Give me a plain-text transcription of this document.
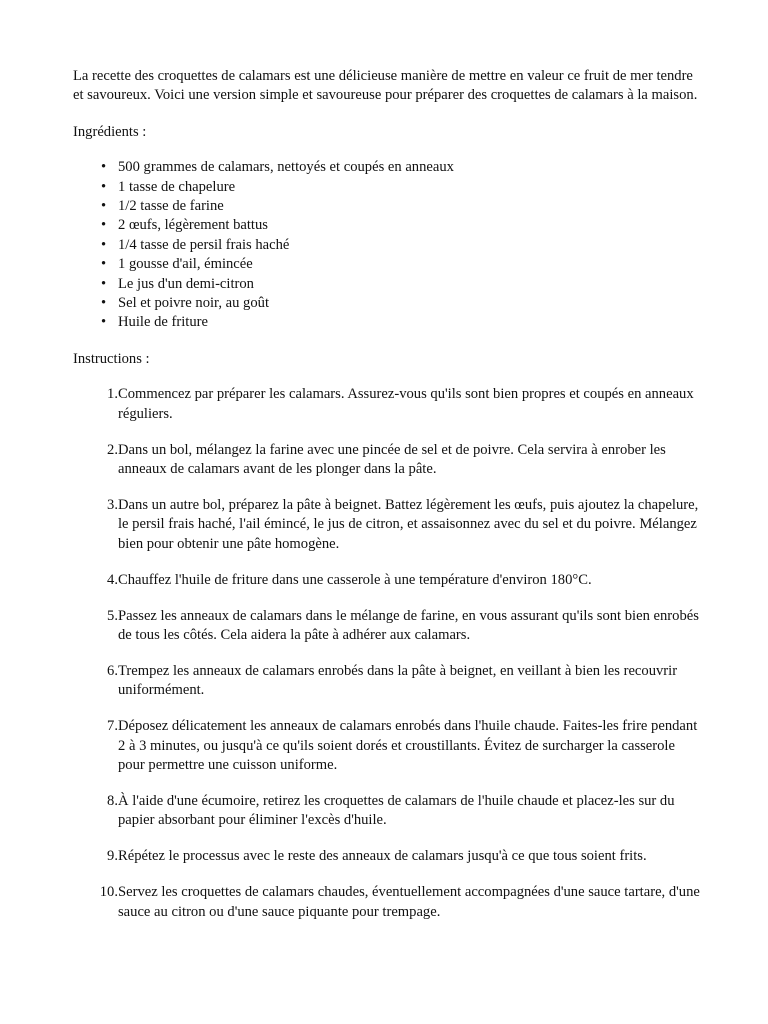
La recette des croquettes de calamars est une délicieuse manière de mettre en valeur ce fruit de mer tendre et savoureux. Voici une version simple et savoureuse pour préparer des croquettes de calamars à la maison.

Ingrédients :

• 500 grammes de calamars, nettoyés et coupés en anneaux
• 1 tasse de chapelure
• 1/2 tasse de farine
• 2 œufs, légèrement battus
• 1/4 tasse de persil frais haché
• 1 gousse d'ail, émincée
• Le jus d'un demi-citron
• Sel et poivre noir, au goût
• Huile de friture

Instructions :

1. Commencez par préparer les calamars. Assurez-vous qu'ils sont bien propres et coupés en anneaux réguliers.
2. Dans un bol, mélangez la farine avec une pincée de sel et de poivre. Cela servira à enrober les anneaux de calamars avant de les plonger dans la pâte.
3. Dans un autre bol, préparez la pâte à beignet. Battez légèrement les œufs, puis ajoutez la chapelure, le persil frais haché, l'ail émincé, le jus de citron, et assaisonnez avec du sel et du poivre. Mélangez bien pour obtenir une pâte homogène.
4. Chauffez l'huile de friture dans une casserole à une température d'environ 180°C.
5. Passez les anneaux de calamars dans le mélange de farine, en vous assurant qu'ils sont bien enrobés de tous les côtés. Cela aidera la pâte à adhérer aux calamars.
6. Trempez les anneaux de calamars enrobés dans la pâte à beignet, en veillant à bien les recouvrir uniformément.
7. Déposez délicatement les anneaux de calamars enrobés dans l'huile chaude. Faites-les frire pendant 2 à 3 minutes, ou jusqu'à ce qu'ils soient dorés et croustillants. Évitez de surcharger la casserole pour permettre une cuisson uniforme.
8. À l'aide d'une écumoire, retirez les croquettes de calamars de l'huile chaude et placez-les sur du papier absorbant pour éliminer l'excès d'huile.
9. Répétez le processus avec le reste des anneaux de calamars jusqu'à ce que tous soient frits.
10. Servez les croquettes de calamars chaudes, éventuellement accompagnées d'une sauce tartare, d'une sauce au citron ou d'une sauce piquante pour trempage.
